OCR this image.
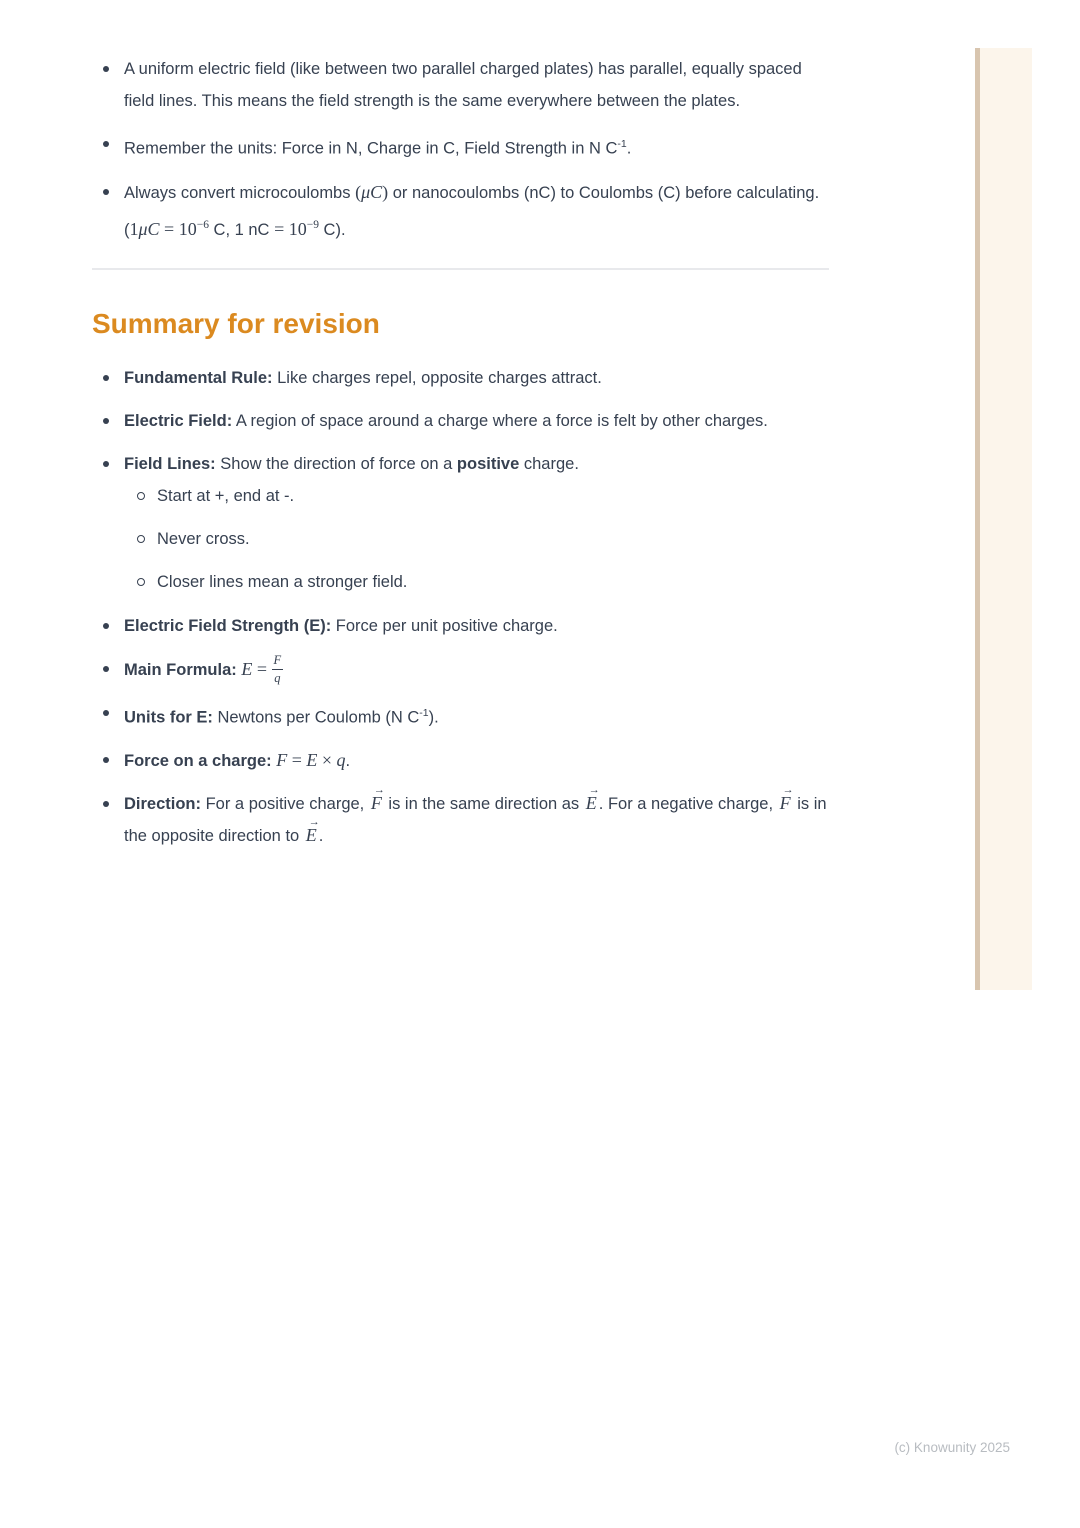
A uniform electric field (like between two parallel charged plates) has parallel, equally spaced field lines. This means the field strength is the same everywhere between the plates.
Remember the units: Force in N, Charge in C, Field Strength in N $C^{-1}$.
Always convert microcoulombs (μC) or nanocoulombs (nC) to Coulombs (C) before calculating. ($1\mu C = 10^{-6}$ C, 1 nC = $10^{-9}$ C).
Summary for revision
Fundamental Rule: Like charges repel, opposite charges attract.
Electric Field: A region of space around a charge where a force is felt by other charges.
Field Lines: Show the direction of force on a positive charge.
Start at +, end at -.
Never cross.
Closer lines mean a stronger field.
Electric Field Strength (E): Force per unit positive charge.
Main Formula: $E = \frac{F}{q}$
Units for E: Newtons per Coulomb (N $C^{-1}$).
Force on a charge: F = E × q.
Direction: For a positive charge,
→
F is in the same direction as
→
E . For a negative charge,
→
F is in the opposite direction to
→
E .
(c) Knowunity 2025
